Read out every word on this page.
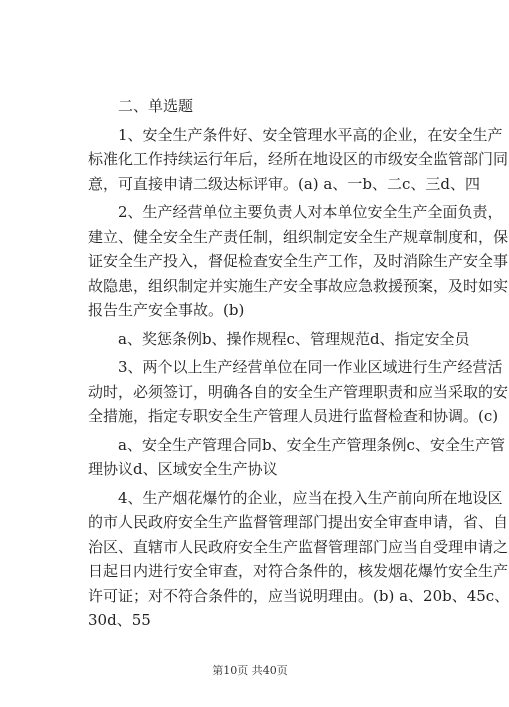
二、单选题

1、安全生产条件好、安全管理水平高的企业，在安全生产

标准化工作持续运行年后，经所在地设区的市级安全监管部门同

意，可直接申请二级达标评审。(a) a、一b、二c、三d、四

2、生产经营单位主要负责人对本单位安全生产全面负责，

建立、健全安全生产责任制，组织制定安全生产规章制度和，保

证安全生产投入，督促检查安全生产工作，及时消除生产安全事

故隐患，组织制定并实施生产安全事故应急救援预案，及时如实

报告生产安全事故。(b)

a、奖惩条例b、操作规程c、管理规范d、指定安全员

3、两个以上生产经营单位在同一作业区域进行生产经营活

动时，必须签订，明确各自的安全生产管理职责和应当采取的安

全措施，指定专职安全生产管理人员进行监督检查和协调。(c)

a、安全生产管理合同b、安全生产管理条例c、安全生产管

理协议d、区域安全生产协议

4、生产烟花爆竹的企业，应当在投入生产前向所在地设区

的市人民政府安全生产监督管理部门提出安全审查申请，省、自

治区、直辖市人民政府安全生产监督管理部门应当自受理申请之

日起日内进行安全审查，对符合条件的，核发烟花爆竹安全生产

许可证；对不符合条件的，应当说明理由。(b) a、20b、45c、

30d、55

第10页 共40页
